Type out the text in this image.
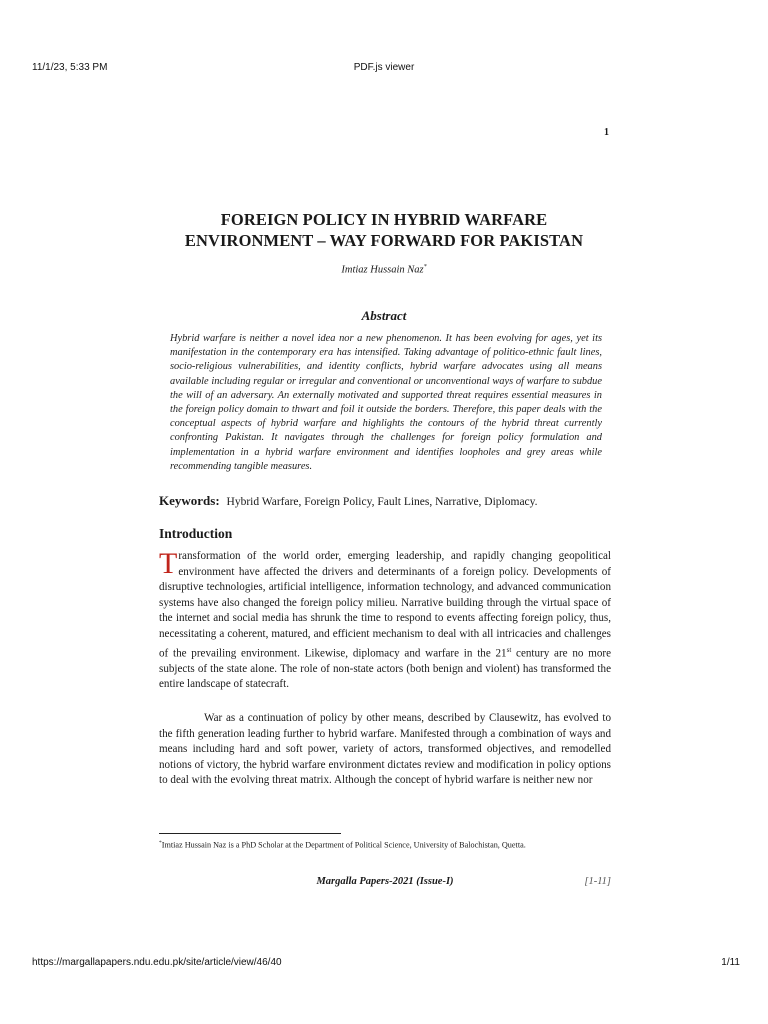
11/1/23, 5:33 PM	PDF.js viewer
1
FOREIGN POLICY IN HYBRID WARFARE
ENVIRONMENT – WAY FORWARD FOR PAKISTAN
Imtiaz Hussain Naz*
Abstract

Hybrid warfare is neither a novel idea nor a new phenomenon. It has been evolving for ages, yet its manifestation in the contemporary era has intensified. Taking advantage of politico-ethnic fault lines, socio-religious vulnerabilities, and identity conflicts, hybrid warfare advocates using all means available including regular or irregular and conventional or unconventional ways of warfare to subdue the will of an adversary. An externally motivated and supported threat requires essential measures in the foreign policy domain to thwart and foil it outside the borders. Therefore, this paper deals with the conceptual aspects of hybrid warfare and highlights the contours of the hybrid threat currently confronting Pakistan. It navigates through the challenges for foreign policy formulation and implementation in a hybrid warfare environment and identifies loopholes and grey areas while recommending tangible measures.

Keywords: Hybrid Warfare, Foreign Policy, Fault Lines, Narrative, Diplomacy.

Introduction

Transformation of the world order, emerging leadership, and rapidly changing geopolitical environment have affected the drivers and determinants of a foreign policy. Developments of disruptive technologies, artificial intelligence, information technology, and advanced communication systems have also changed the foreign policy milieu. Narrative building through the virtual space of the internet and social media has shrunk the time to respond to events affecting foreign policy, thus, necessitating a coherent, matured, and efficient mechanism to deal with all intricacies and challenges of the prevailing environment. Likewise, diplomacy and warfare in the 21st century are no more subjects of the state alone. The role of non-state actors (both benign and violent) has transformed the entire landscape of statecraft.

War as a continuation of policy by other means, described by Clausewitz, has evolved to the fifth generation leading further to hybrid warfare. Manifested through a combination of ways and means including hard and soft power, variety of actors, transformed objectives, and remodelled notions of victory, the hybrid warfare environment dictates review and modification in policy options to deal with the evolving threat matrix. Although the concept of hybrid warfare is neither new nor

*Imtiaz Hussain Naz is a PhD Scholar at the Department of Political Science, University of Balochistan, Quetta.

Margalla Papers-2021 (Issue-I)	[1-11]
https://margallapapers.ndu.edu.pk/site/article/view/46/40	1/11
